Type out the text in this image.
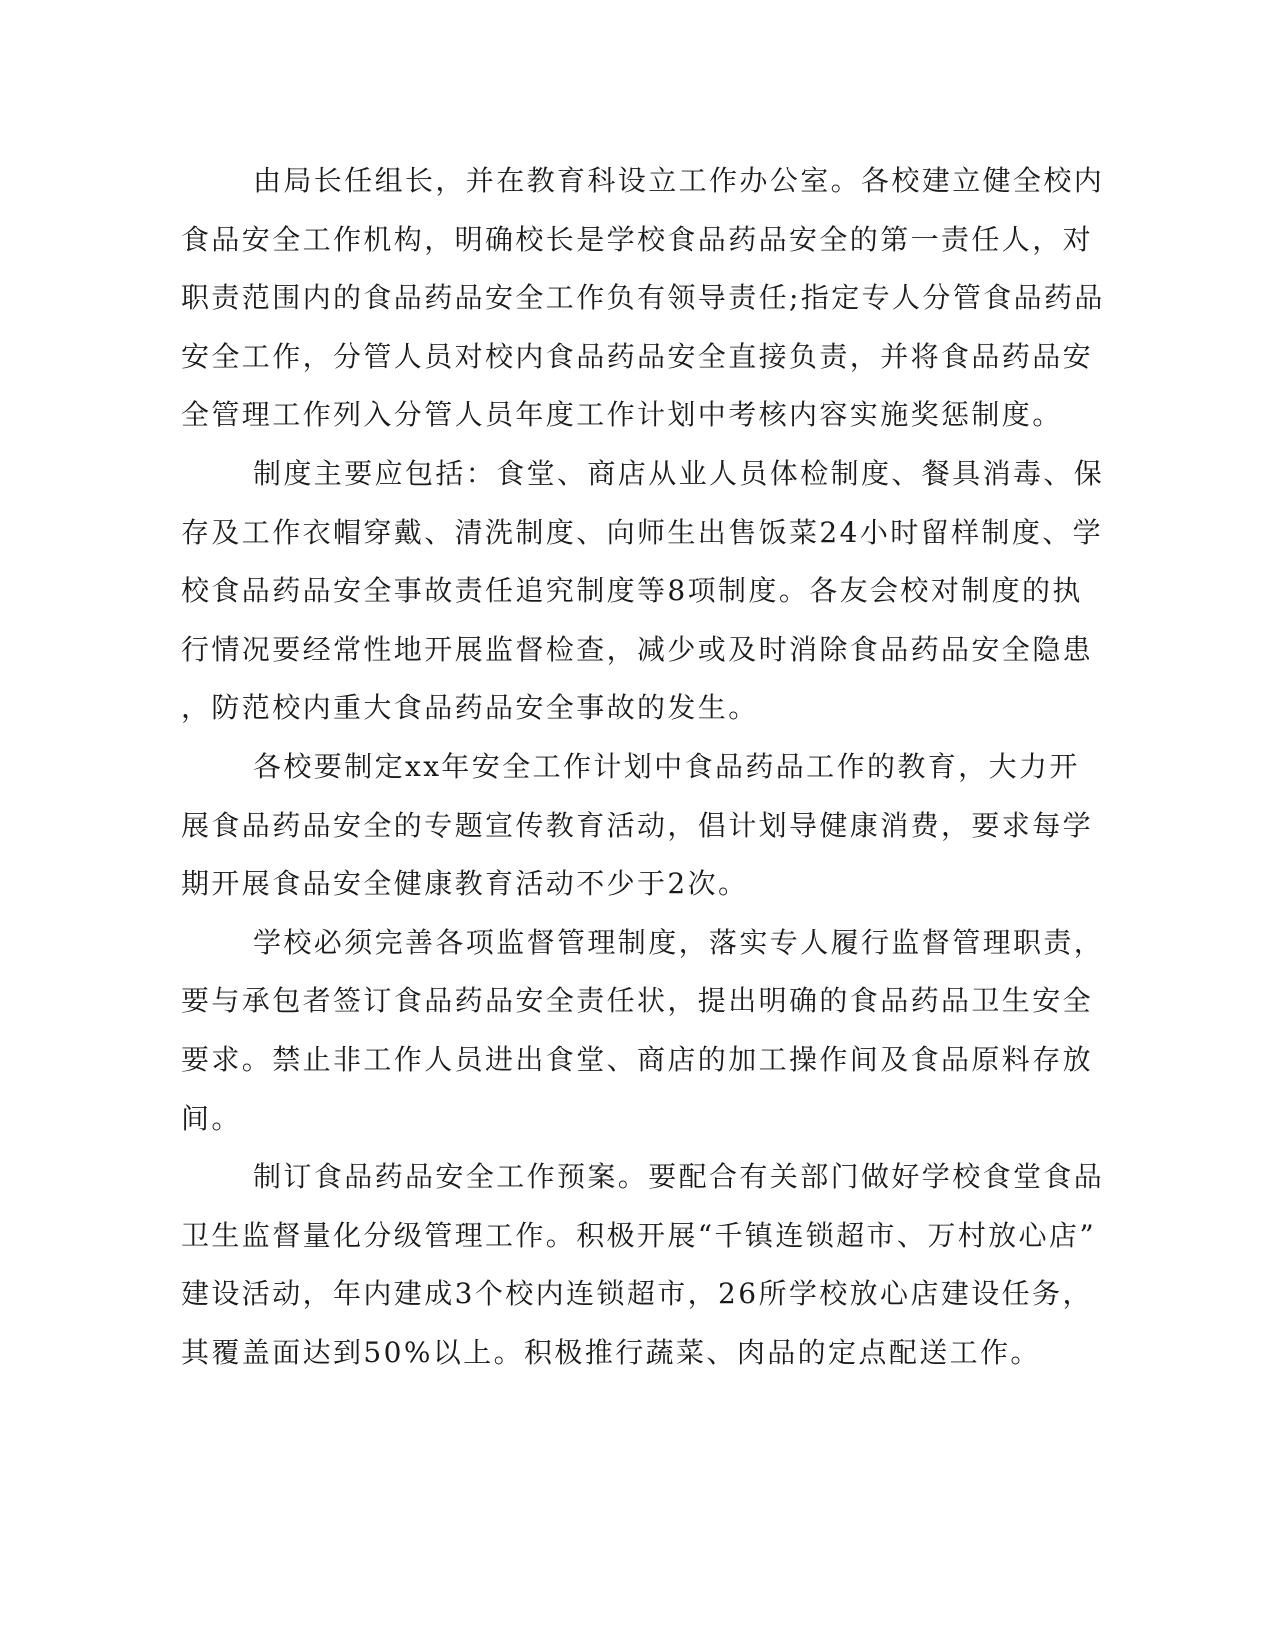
由局长任组长，并在教育科设立工作办公室。各校建立健全校内
食品安全工作机构，明确校长是学校食品药品安全的第一责任人，对
职责范围内的食品药品安全工作负有领导责任;指定专人分管食品药品
安全工作，分管人员对校内食品药品安全直接负责，并将食品药品安
全管理工作列入分管人员年度工作计划中考核内容实施奖惩制度。
制度主要应包括：食堂、商店从业人员体检制度、餐具消毒、保
存及工作衣帽穿戴、清洗制度、向师生出售饭菜24小时留样制度、学
校食品药品安全事故责任追究制度等8项制度。各友会校对制度的执
行情况要经常性地开展监督检查，减少或及时消除食品药品安全隐患
，防范校内重大食品药品安全事故的发生。
各校要制定xx年安全工作计划中食品药品工作的教育，大力开
展食品药品安全的专题宣传教育活动，倡计划导健康消费，要求每学
期开展食品安全健康教育活动不少于2次。
学校必须完善各项监督管理制度，落实专人履行监督管理职责，
要与承包者签订食品药品安全责任状，提出明确的食品药品卫生安全
要求。禁止非工作人员进出食堂、商店的加工操作间及食品原料存放
间。
制订食品药品安全工作预案。要配合有关部门做好学校食堂食品
卫生监督量化分级管理工作。积极开展“千镇连锁超市、万村放心店”
建设活动，年内建成3个校内连锁超市，26所学校放心店建设任务，
其覆盖面达到50%以上。积极推行蔬菜、肉品的定点配送工作。
